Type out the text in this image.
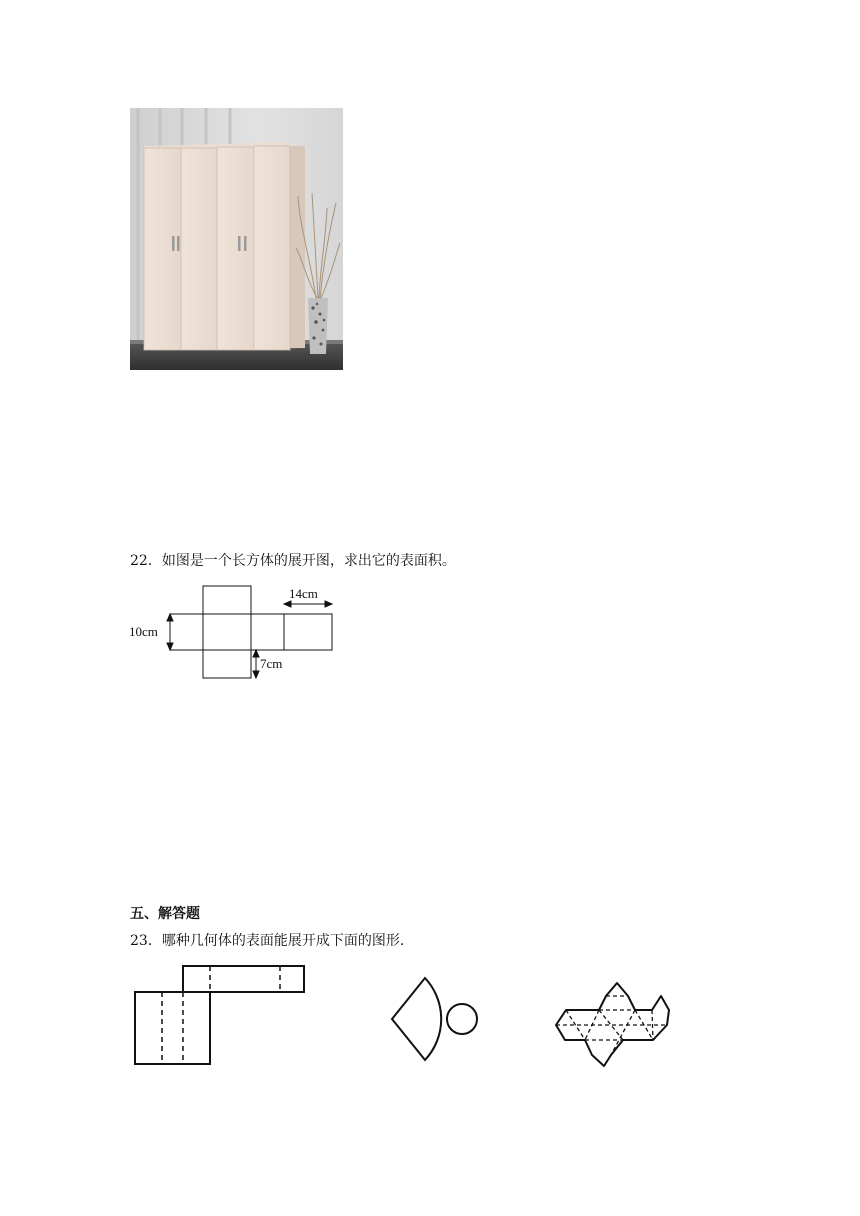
22．如图是一个长方体的展开图，求出它的表面积。
14cm
10cm
7cm
五、解答题
23．哪种几何体的表面能展开成下面的图形.
